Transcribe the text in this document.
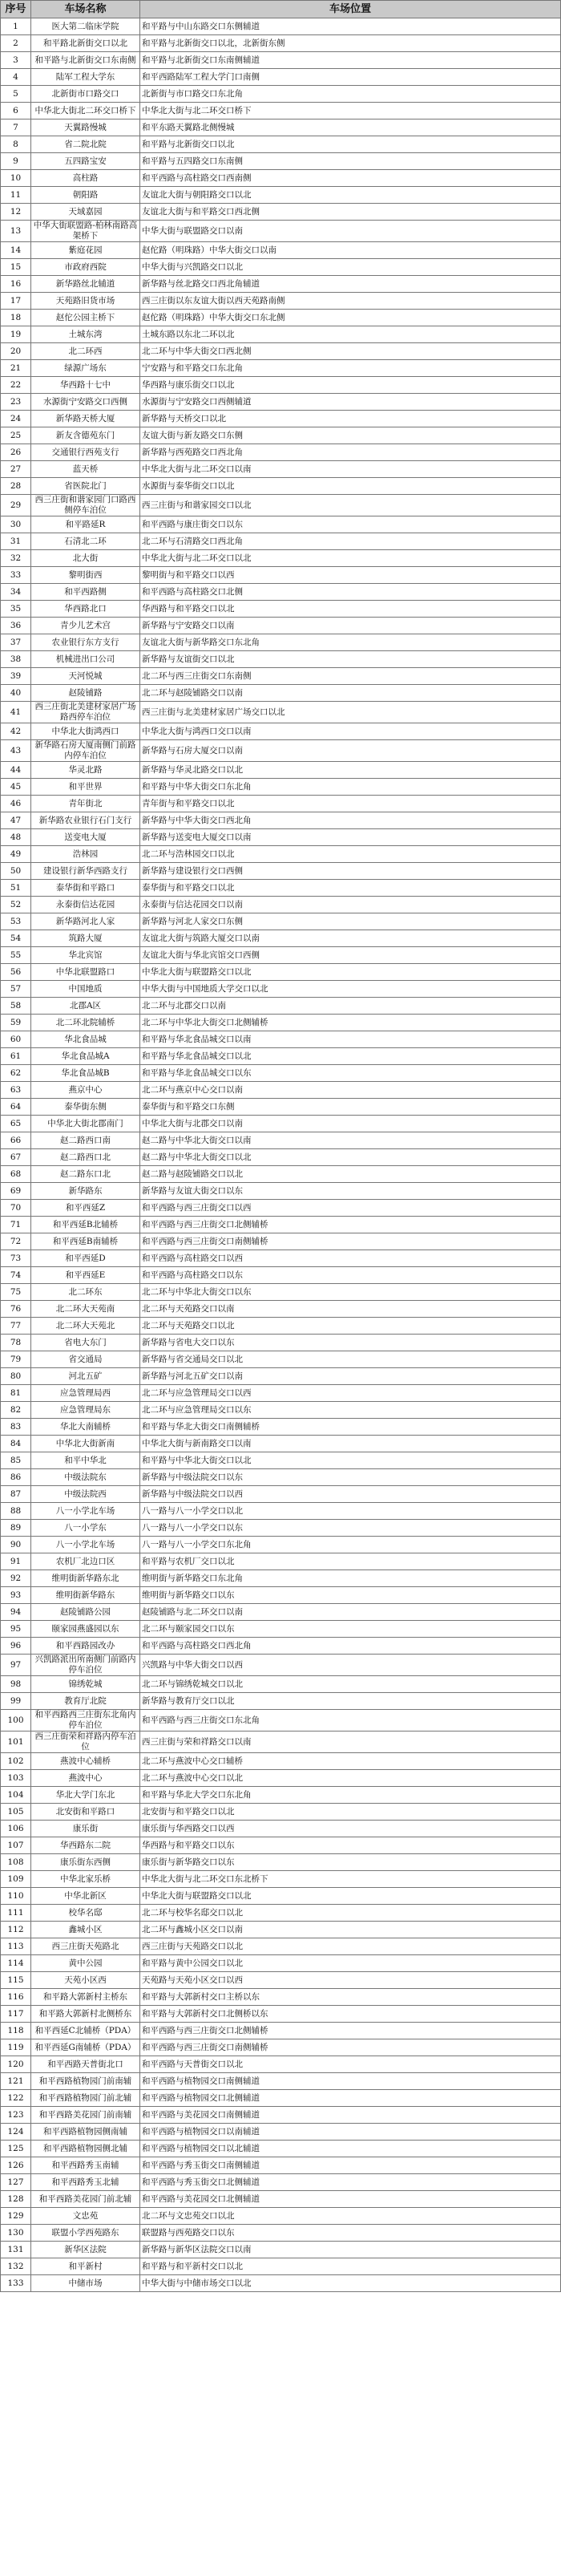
序号	车场名称	车场位置
1	医大第二临床学院	和平路与中山东路交口东侧辅道
2	和平路北新街交口以北	和平路与北新街交口以北，北新街东侧
3	和平路与北新街交口东南侧	和平路与北新街交口东南侧辅道
4	陆军工程大学东	和平西路陆军工程大学门口南侧
5	北新街市口路交口	北新街与市口路交口东北角
6	中华北大街北二环交口桥下	中华北大街与北二环交口桥下
7	天翼路慢城	和平东路天翼路北侧慢城
8	省二院北院	和平路与北新街交口以北
9	五四路宝安	和平路与五四路交口东南侧
10	高柱路	和平西路与高柱路交口西南侧
11	朝阳路	友谊北大街与朝阳路交口以北
12	天域嘉园	友谊北大街与和平路交口西北侧
13	中华大街联盟路-柏林南路高架桥下	中华大街与联盟路交口以南
14	紫庭花园	赵佗路（明珠路）中华大街交口以南
15	市政府西院	中华大街与兴凯路交口以北
16	新华路丝北辅道	新华路与丝北路交口西北角辅道
17	天苑路旧货市场	西三庄街以东友谊大街以西天苑路南侧
18	赵佗公园主桥下	赵佗路（明珠路）中华大街交口东北侧
19	土城东湾	土城东路以东北二环以北
20	北二环西	北二环与中华大街交口西北侧
21	绿源广场东	宁安路与和平路交口东北角
22	华西路十七中	华西路与康乐街交口以北
23	水源街宁安路交口西侧	水源街与宁安路交口西侧辅道
24	新华路天桥大厦	新华路与天桥交口以北
25	新友含德苑东门	友谊大街与新友路交口东侧
26	交通银行西苑支行	新华路与西苑路交口西北角
27	蓝天桥	中华北大街与北二环交口以南
28	省医院北门	水源街与泰华街交口以北
29	西三庄街和谐家园门口路西侧停车泊位	西三庄街与和谐家园交口以北
30	和平路延R	和平西路与康庄街交口以东
31	石清北二环	北二环与石清路交口西北角
32	北大街	中华北大街与北二环交口以北
33	黎明街西	黎明街与和平路交口以西
34	和平西路侧	和平西路与高柱路交口北侧
35	华西路北口	华西路与和平路交口以北
36	青少儿艺术宫	新华路与宁安路交口以南
37	农业银行东方支行	友谊北大街与新华路交口东北角
38	机械进出口公司	新华路与友谊街交口以北
39	天河悦城	北二环与西三庄街交口东南侧
40	赵陵铺路	北二环与赵陵铺路交口以南
41	西三庄街北美建材家居广场路西停车泊位	西三庄街与北美建材家居广场交口以北
42	中华北大街鸿西口	中华北大街与鸿西口交口以南
43	新华路石房大厦南侧门前路内停车泊位	新华路与石房大厦交口以南
44	华灵北路	新华路与华灵北路交口以北
45	和平世界	和平路与中华大街交口东北角
46	青年街北	青年街与和平路交口以北
47	新华路农业银行石门支行	新华路与中华大街交口西北角
48	送变电大厦	新华路与送变电大厦交口以南
49	浩林园	北二环与浩林园交口以北
50	建设银行新华西路支行	新华路与建设银行交口西侧
51	泰华街和平路口	泰华街与和平路交口以北
52	永泰街信达花园	永泰街与信达花园交口以南
53	新华路河北人家	新华路与河北人家交口东侧
54	筑路大厦	友谊北大街与筑路大厦交口以南
55	华北宾馆	友谊北大街与华北宾馆交口西侧
56	中华北联盟路口	中华北大街与联盟路交口以北
57	中国地质	中华大街与中国地质大学交口以北
58	北郡A区	北二环与北郡交口以南
59	北二环北院辅桥	北二环与中华北大街交口北侧辅桥
60	华北食品城	和平路与华北食品城交口以南
61	华北食品城A	和平路与华北食品城交口以北
62	华北食品城B	和平路与华北食品城交口以东
63	燕京中心	北二环与燕京中心交口以南
64	泰华街东侧	泰华街与和平路交口东侧
65	中华北大街北郡南门	中华北大街与北郡交口以南
66	赵二路西口南	赵二路与中华北大街交口以南
67	赵二路西口北	赵二路与中华北大街交口以北
68	赵二路东口北	赵二路与赵陵铺路交口以北
69	新华路东	新华路与友谊大街交口以东
70	和平西延Z	和平西路与西三庄街交口以西
71	和平西延B北辅桥	和平西路与西三庄街交口北侧辅桥
72	和平西延B南辅桥	和平西路与西三庄街交口南侧辅桥
73	和平西延D	和平西路与高柱路交口以西
74	和平西延E	和平西路与高柱路交口以东
75	北二环东	北二环与中华北大街交口以东
76	北二环大天苑南	北二环与天苑路交口以南
77	北二环大天苑北	北二环与天苑路交口以北
78	省电大东门	新华路与省电大交口以东
79	省交通局	新华路与省交通局交口以北
80	河北五矿	新华路与河北五矿交口以南
81	应急管理局西	北二环与应急管理局交口以西
82	应急管理局东	北二环与应急管理局交口以东
83	华北大南辅桥	和平路与华北大街交口南侧辅桥
84	中华北大街新南	中华北大街与新南路交口以南
85	和平中华北	和平路与中华北大街交口以北
86	中级法院东	新华路与中级法院交口以东
87	中级法院西	新华路与中级法院交口以西
88	八一小学北车场	八一路与八一小学交口以北
89	八一小学东	八一路与八一小学交口以东
90	八一小学北车场	八一路与八一小学交口东北角
91	农机厂北边口区	和平路与农机厂交口以北
92	维明街新华路东北	维明街与新华路交口东北角
93	维明街新华路东	维明街与新华路交口以东
94	赵陵铺路公园	赵陵铺路与北二环交口以南
95	颐家园燕盛园以东	北二环与颐家园交口以东
96	和平西路园改办	和平西路与高柱路交口西北角
97	兴凯路派出所南侧门前路内停车泊位	兴凯路与中华大街交口以西
98	锦绣乾城	北二环与锦绣乾城交口以北
99	教育厅北院	新华路与教育厅交口以北
100	和平西路西三庄街东北角内停车泊位	和平西路与西三庄街交口东北角
101	西三庄街荣和祥路内停车泊位	西三庄街与荣和祥路交口以南
102	燕波中心辅桥	北二环与燕波中心交口辅桥
103	燕波中心	北二环与燕波中心交口以北
104	华北大学门东北	和平路与华北大学交口东北角
105	北安街和平路口	北安街与和平路交口以北
106	康乐街	康乐街与华西路交口以西
107	华西路东二院	华西路与和平路交口以东
108	康乐街东西侧	康乐街与新华路交口以东
109	中华北家乐桥	中华北大街与北二环交口东北桥下
110	中华北新区	中华北大街与联盟路交口以北
111	校华名邸	北二环与校华名邸交口以北
112	鑫城小区	北二环与鑫城小区交口以南
113	西三庄街天苑路北	西三庄街与天苑路交口以北
114	黄中公园	和平路与黄中公园交口以北
115	天苑小区西	天苑路与天苑小区交口以西
116	和平路大郭新村主桥东	和平路与大郭新村交口主桥以东
117	和平路大郭新村北侧桥东	和平路与大郭新村交口北侧桥以东
118	和平西延C北辅桥（PDA）	和平西路与西三庄街交口北侧辅桥
119	和平西延G南辅桥（PDA）	和平西路与西三庄街交口南侧辅桥
120	和平西路天普街北口	和平西路与天普街交口以北
121	和平西路植物园门前南辅	和平西路与植物园交口南侧辅道
122	和平西路植物园门前北辅	和平西路与植物园交口北侧辅道
123	和平西路美花园门前南辅	和平西路与美花园交口南侧辅道
124	和平西路植物园侧南辅	和平西路与植物园交口以南辅道
125	和平西路植物园侧北辅	和平西路与植物园交口以北辅道
126	和平西路秀玉南辅	和平西路与秀玉街交口南侧辅道
127	和平西路秀玉北辅	和平西路与秀玉街交口北侧辅道
128	和平西路美花园门前北辅	和平西路与美花园交口北侧辅道
129	文忠苑	北二环与文忠苑交口以北
130	联盟小学西苑路东	联盟路与西苑路交口以东
131	新华区法院	新华路与新华区法院交口以南
132	和平新村	和平路与和平新村交口以北
133	中储市场	中华大街与中储市场交口以北
